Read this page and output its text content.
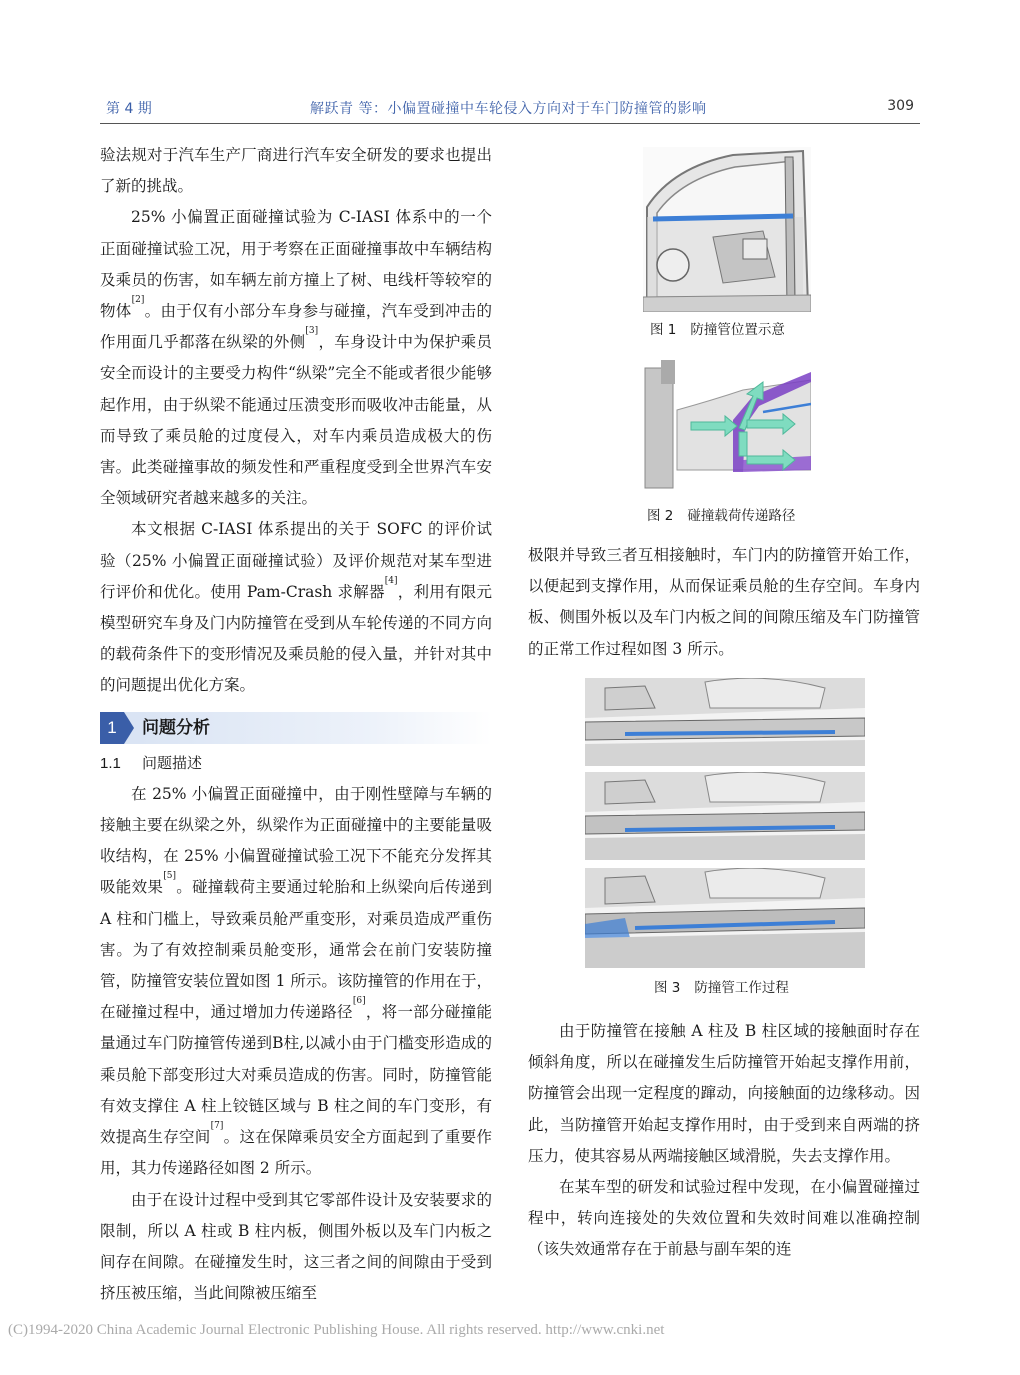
第 4 期	解跃青 等：小偏置碰撞中车轮侵入方向对于车门防撞管的影响	309

验法规对于汽车生产厂商进行汽车安全研发的要求也提出了新的挑战。

25% 小偏置正面碰撞试验为 C-IASI 体系中的一个正面碰撞试验工况，用于考察在正面碰撞事故中车辆结构及乘员的伤害，如车辆左前方撞上了树、电线杆等较窄的物体[2]。由于仅有小部分车身参与碰撞，汽车受到冲击的作用面几乎都落在纵梁的外侧[3]，车身设计中为保护乘员安全而设计的主要受力构件“纵梁”完全不能或者很少能够起作用，由于纵梁不能通过压溃变形而吸收冲击能量，从而导致了乘员舱的过度侵入，对车内乘员造成极大的伤害。此类碰撞事故的频发性和严重程度受到全世界汽车安全领域研究者越来越多的关注。

本文根据 C-IASI 体系提出的关于 SOFC 的评价试验（25% 小偏置正面碰撞试验）及评价规范对某车型进行评价和优化。使用 Pam-Crash 求解器[4]，利用有限元模型研究车身及门内防撞管在受到从车轮传递的不同方向的载荷条件下的变形情况及乘员舱的侵入量，并针对其中的问题提出优化方案。

1	问题分析

1.1 问题描述

在 25% 小偏置正面碰撞中，由于刚性壁障与车辆的接触主要在纵梁之外，纵梁作为正面碰撞中的主要能量吸收结构，在 25% 小偏置碰撞试验工况下不能充分发挥其吸能效果[5]。碰撞载荷主要通过轮胎和上纵梁向后传递到 A 柱和门槛上，导致乘员舱严重变形，对乘员造成严重伤害。为了有效控制乘员舱变形，通常会在前门安装防撞管，防撞管安装位置如图 1 所示。该防撞管的作用在于，在碰撞过程中，通过增加力传递路径[6]，将一部分碰撞能量通过车门防撞管传递到B柱,以减小由于门槛变形造成的乘员舱下部变形过大对乘员造成的伤害。同时，防撞管能有效支撑住 A 柱上铰链区域与 B 柱之间的车门变形，有效提高生存空间[7]。这在保障乘员安全方面起到了重要作用，其力传递路径如图 2 所示。

由于在设计过程中受到其它零部件设计及安装要求的限制，所以 A 柱或 B 柱内板，侧围外板以及车门内板之间存在间隙。在碰撞发生时，这三者之间的间隙由于受到挤压被压缩，当此间隙被压缩至

图 1 防撞管位置示意
图 2 碰撞载荷传递路径

极限并导致三者互相接触时，车门内的防撞管开始工作，以便起到支撑作用，从而保证乘员舱的生存空间。车身内板、侧围外板以及车门内板之间的间隙压缩及车门防撞管的正常工作过程如图 3 所示。

图 3 防撞管工作过程

由于防撞管在接触 A 柱及 B 柱区域的接触面时存在倾斜角度，所以在碰撞发生后防撞管开始起支撑作用前，防撞管会出现一定程度的蹿动，向接触面的边缘移动。因此，当防撞管开始起支撑作用时，由于受到来自两端的挤压力，使其容易从两端接触区域滑脱，失去支撑作用。

在某车型的研发和试验过程中发现，在小偏置碰撞过程中，转向连接处的失效位置和失效时间难以准确控制（该失效通常存在于前悬与副车架的连

(C)1994-2020 China Academic Journal Electronic Publishing House. All rights reserved. http://www.cnki.net
